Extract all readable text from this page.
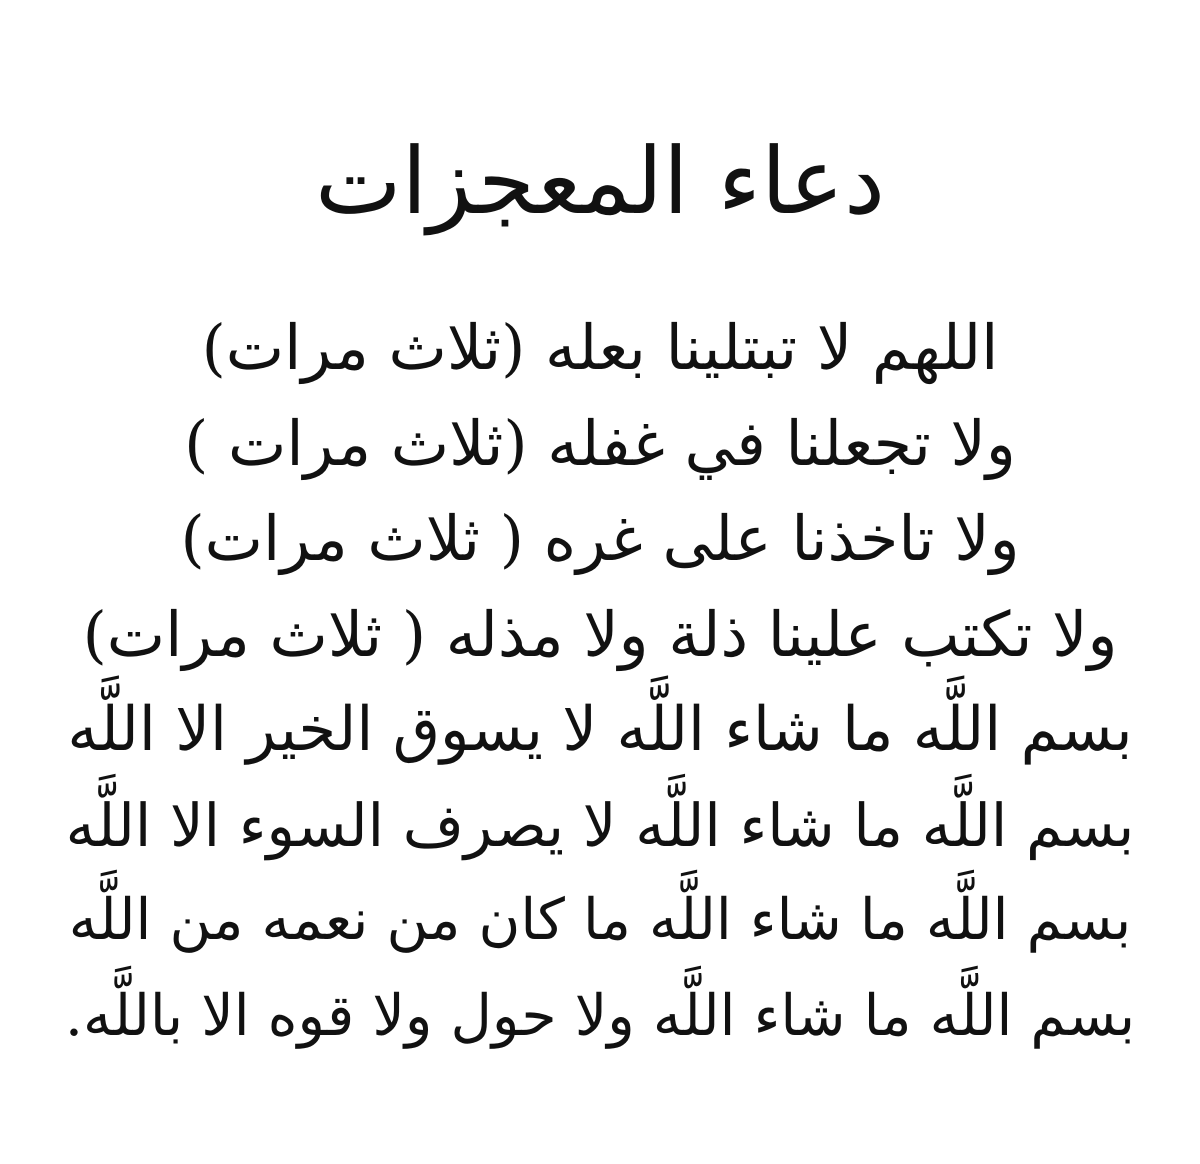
دعاء المعجزات
اللهم لا تبتلينا بعله (ثلاث مرات)
ولا تجعلنا في غفله (ثلاث مرات )
ولا تاخذنا على غره ( ثلاث مرات)
ولا تكتب علينا ذلة ولا مذله ( ثلاث مرات)
بسم اللَّه ما شاء اللَّه لا يسوق الخير الا اللَّه
بسم اللَّه ما شاء اللَّه لا يصرف السوء الا اللَّه
بسم اللَّه ما شاء اللَّه ما كان من نعمه من اللَّه
بسم اللَّه ما شاء اللَّه ولا حول ولا قوه الا باللَّه.
